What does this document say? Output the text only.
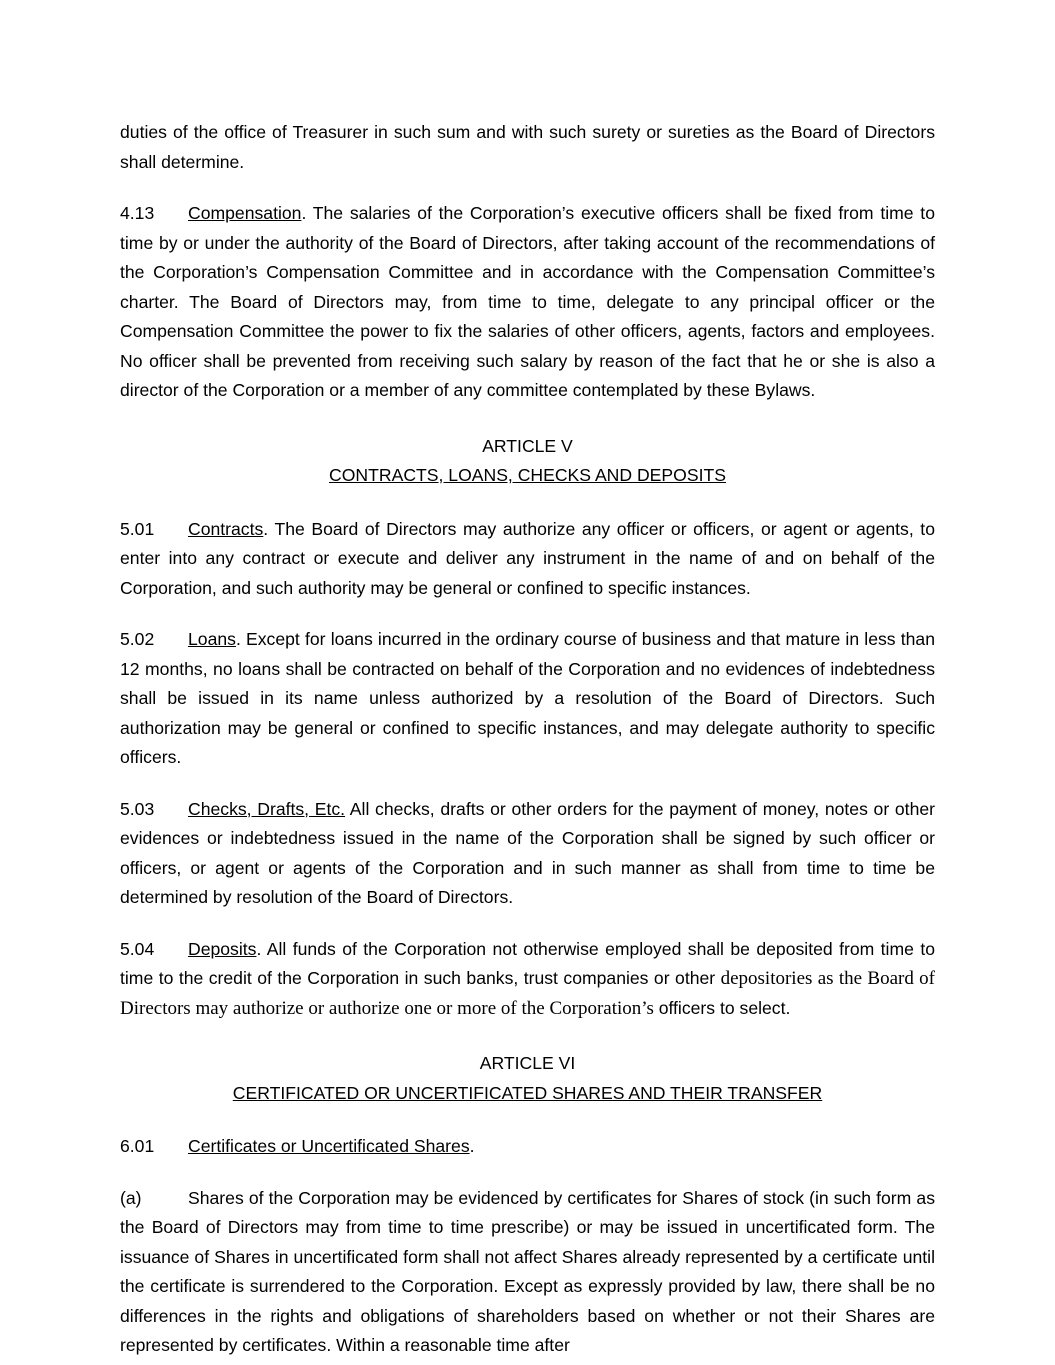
duties of the office of Treasurer in such sum and with such surety or sureties as the Board of Directors shall determine.

4.13 Compensation. The salaries of the Corporation’s executive officers shall be fixed from time to time by or under the authority of the Board of Directors, after taking account of the recommendations of the Corporation’s Compensation Committee and in accordance with the Compensation Committee’s charter. The Board of Directors may, from time to time, delegate to any principal officer or the Compensation Committee the power to fix the salaries of other officers, agents, factors and employees. No officer shall be prevented from receiving such salary by reason of the fact that he or she is also a director of the Corporation or a member of any committee contemplated by these Bylaws.

ARTICLE V

CONTRACTS, LOANS, CHECKS AND DEPOSITS

5.01 Contracts. The Board of Directors may authorize any officer or officers, or agent or agents, to enter into any contract or execute and deliver any instrument in the name of and on behalf of the Corporation, and such authority may be general or confined to specific instances.

5.02 Loans. Except for loans incurred in the ordinary course of business and that mature in less than 12 months, no loans shall be contracted on behalf of the Corporation and no evidences of indebtedness shall be issued in its name unless authorized by a resolution of the Board of Directors. Such authorization may be general or confined to specific instances, and may delegate authority to specific officers.

5.03 Checks, Drafts, Etc. All checks, drafts or other orders for the payment of money, notes or other evidences or indebtedness issued in the name of the Corporation shall be signed by such officer or officers, or agent or agents of the Corporation and in such manner as shall from time to time be determined by resolution of the Board of Directors.

5.04 Deposits. All funds of the Corporation not otherwise employed shall be deposited from time to time to the credit of the Corporation in such banks, trust companies or other depositories as the Board of Directors may authorize or authorize one or more of the Corporation’s officers to select.

ARTICLE VI

CERTIFICATED OR UNCERTIFICATED SHARES AND THEIR TRANSFER

6.01 Certificates or Uncertificated Shares.

(a)	Shares of the Corporation may be evidenced by certificates for Shares of stock (in such form as the Board of Directors may from time to time prescribe) or may be issued in uncertificated form. The issuance of Shares in uncertificated form shall not affect Shares already represented by a certificate until the certificate is surrendered to the Corporation. Except as expressly provided by law, there shall be no differences in the rights and obligations of shareholders based on whether or not their Shares are represented by certificates. Within a reasonable time after
